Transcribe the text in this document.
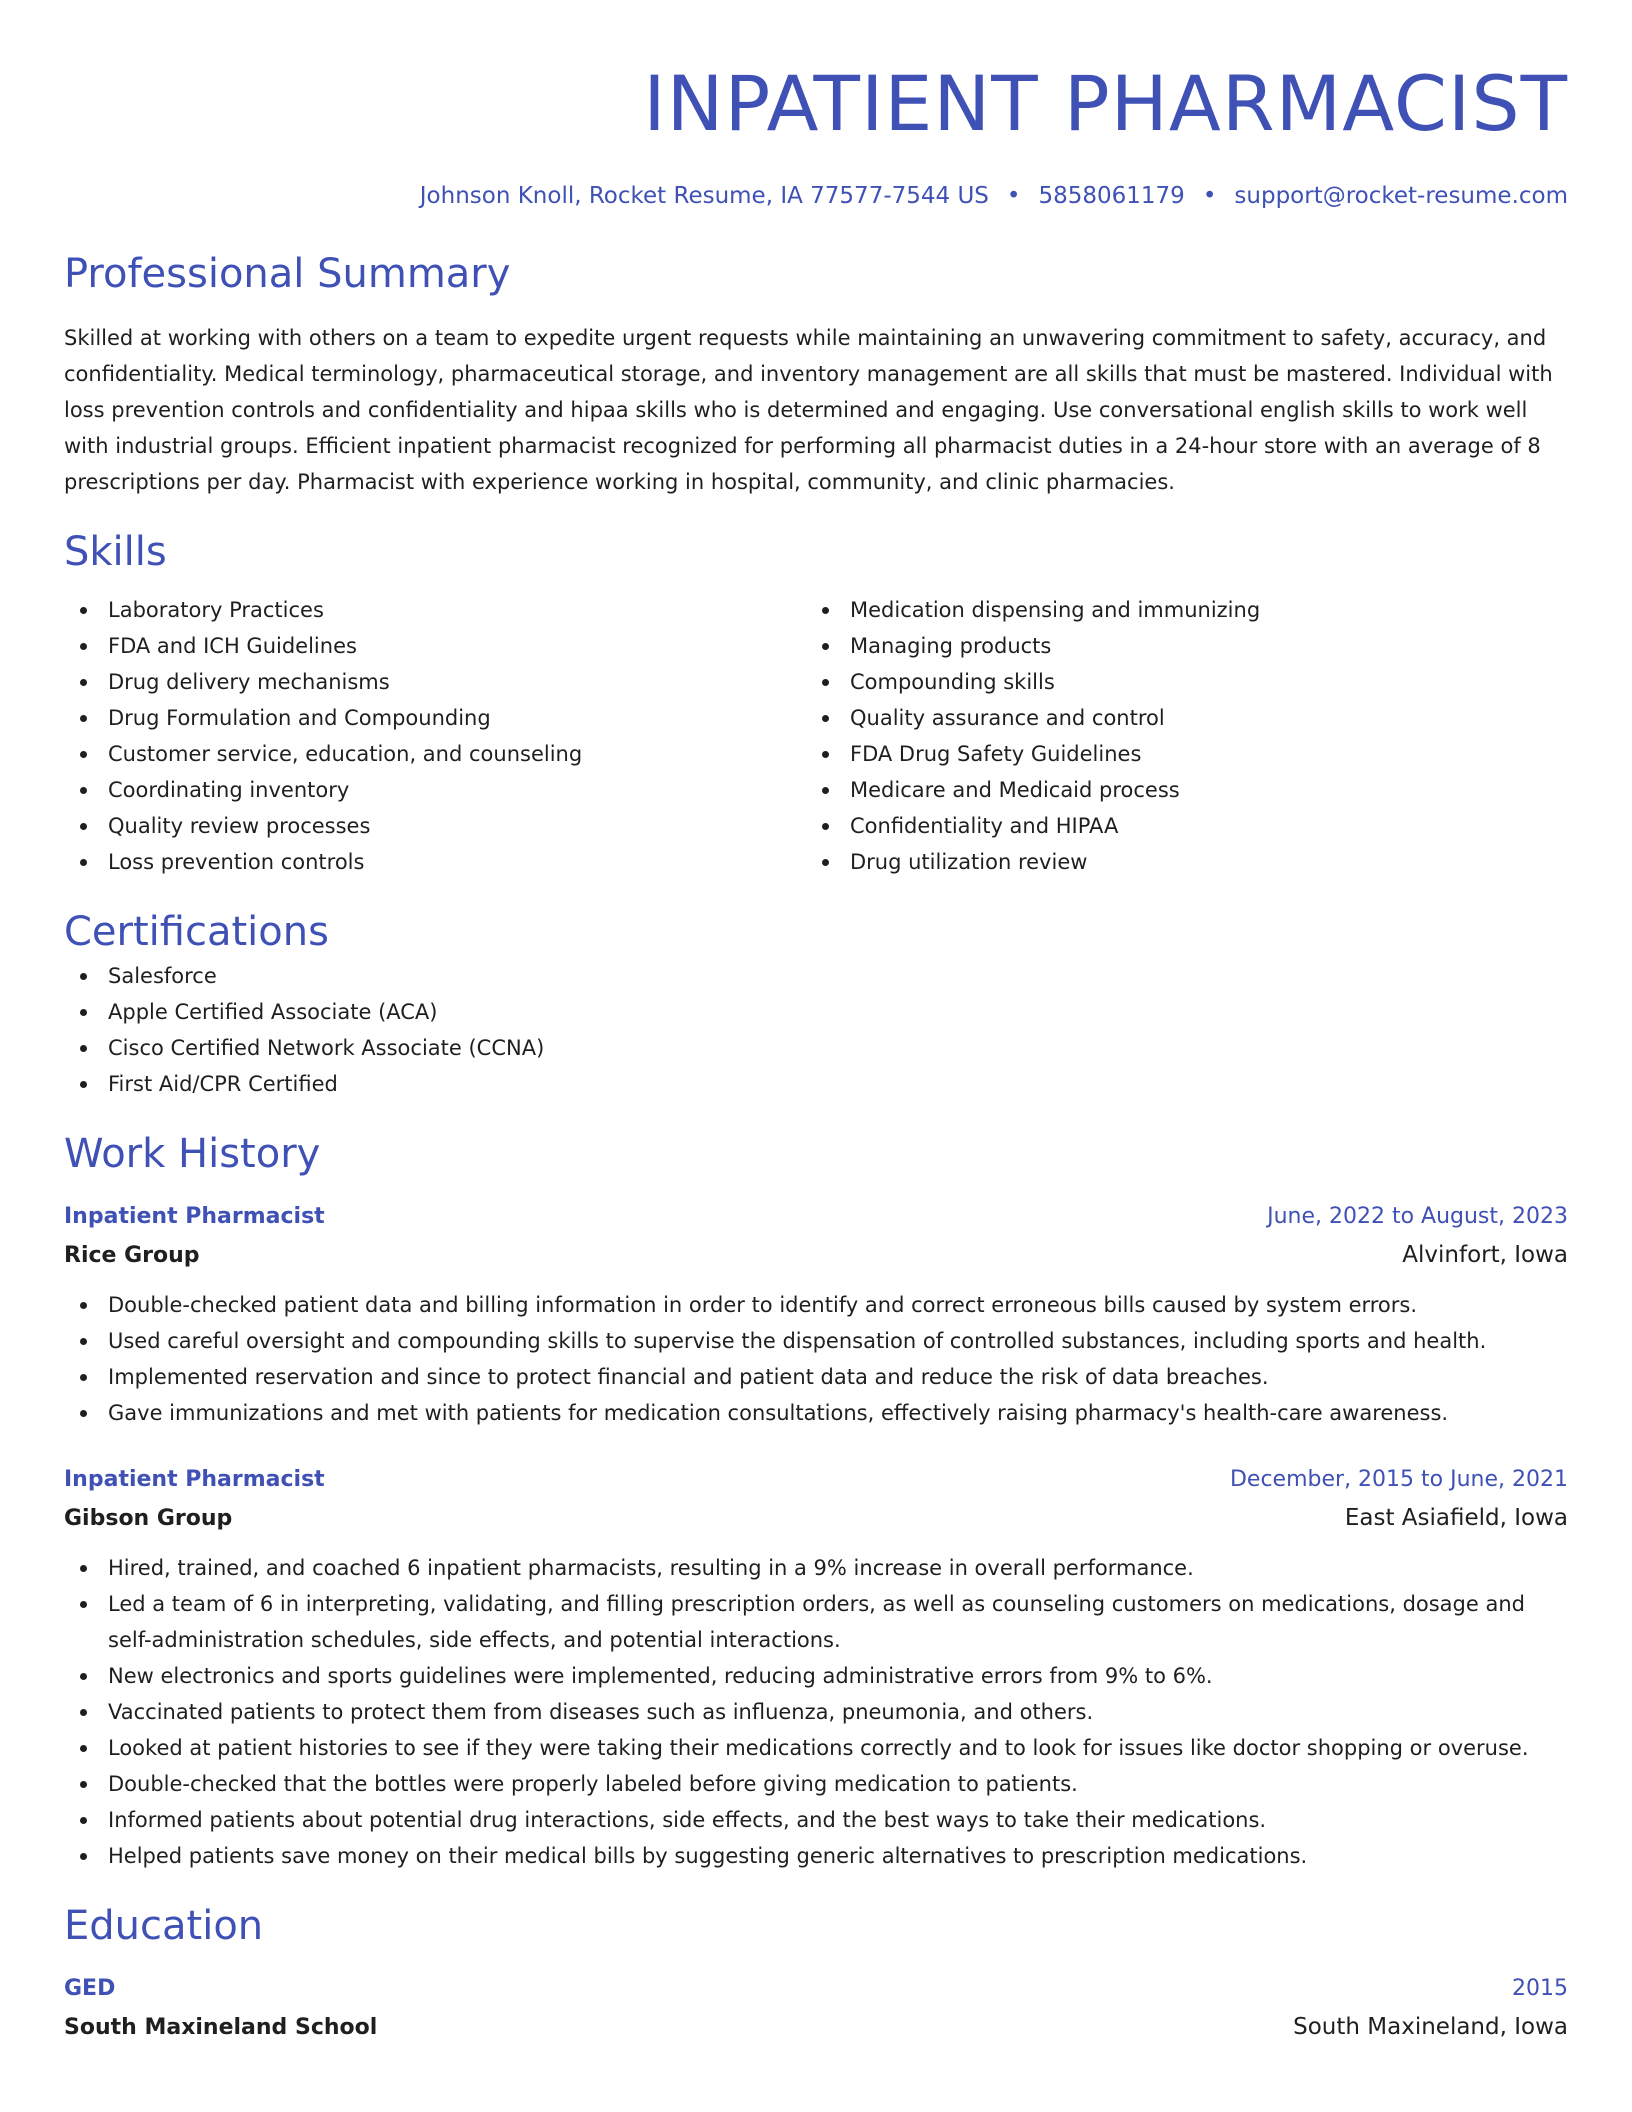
INPATIENT PHARMACIST
Johnson Knoll, Rocket Resume, IA 77577-7544 US • 5858061179 • support@rocket-resume.com
Professional Summary
Skilled at working with others on a team to expedite urgent requests while maintaining an unwavering commitment to safety, accuracy, and confidentiality. Medical terminology, pharmaceutical storage, and inventory management are all skills that must be mastered. Individual with loss prevention controls and confidentiality and hipaa skills who is determined and engaging. Use conversational english skills to work well with industrial groups. Efficient inpatient pharmacist recognized for performing all pharmacist duties in a 24-hour store with an average of 8 prescriptions per day. Pharmacist with experience working in hospital, community, and clinic pharmacies.
Skills
Laboratory Practices
FDA and ICH Guidelines
Drug delivery mechanisms
Drug Formulation and Compounding
Customer service, education, and counseling
Coordinating inventory
Quality review processes
Loss prevention controls
Medication dispensing and immunizing
Managing products
Compounding skills
Quality assurance and control
FDA Drug Safety Guidelines
Medicare and Medicaid process
Confidentiality and HIPAA
Drug utilization review
Certifications
Salesforce
Apple Certified Associate (ACA)
Cisco Certified Network Associate (CCNA)
First Aid/CPR Certified
Work History
Inpatient Pharmacist	June, 2022 to August, 2023
Rice Group	Alvinfort, Iowa
Double-checked patient data and billing information in order to identify and correct erroneous bills caused by system errors.
Used careful oversight and compounding skills to supervise the dispensation of controlled substances, including sports and health.
Implemented reservation and since to protect financial and patient data and reduce the risk of data breaches.
Gave immunizations and met with patients for medication consultations, effectively raising pharmacy's health-care awareness.
Inpatient Pharmacist	December, 2015 to June, 2021
Gibson Group	East Asiafield, Iowa
Hired, trained, and coached 6 inpatient pharmacists, resulting in a 9% increase in overall performance.
Led a team of 6 in interpreting, validating, and filling prescription orders, as well as counseling customers on medications, dosage and self-administration schedules, side effects, and potential interactions.
New electronics and sports guidelines were implemented, reducing administrative errors from 9% to 6%.
Vaccinated patients to protect them from diseases such as influenza, pneumonia, and others.
Looked at patient histories to see if they were taking their medications correctly and to look for issues like doctor shopping or overuse.
Double-checked that the bottles were properly labeled before giving medication to patients.
Informed patients about potential drug interactions, side effects, and the best ways to take their medications.
Helped patients save money on their medical bills by suggesting generic alternatives to prescription medications.
Education
GED	2015
South Maxineland School	South Maxineland, Iowa
